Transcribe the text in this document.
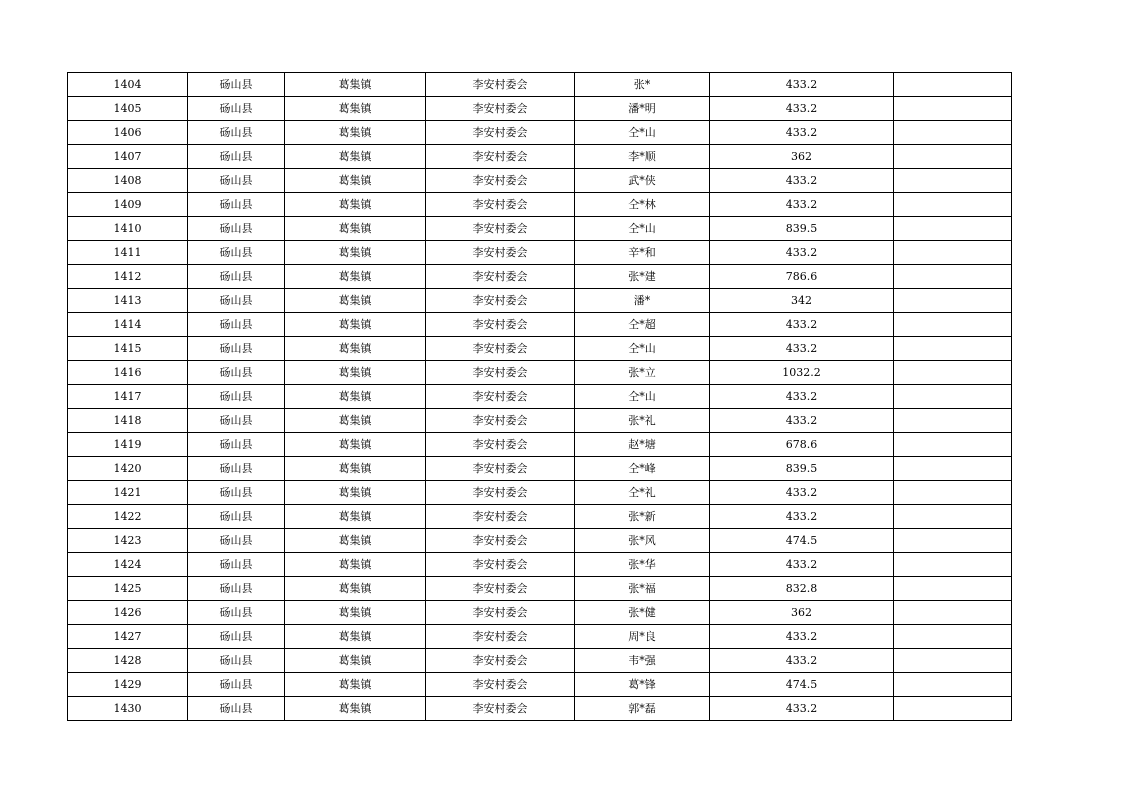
1404	砀山县	葛集镇	李安村委会	张*	433.2	
1405	砀山县	葛集镇	李安村委会	潘*明	433.2	
1406	砀山县	葛集镇	李安村委会	仝*山	433.2	
1407	砀山县	葛集镇	李安村委会	李*顺	362	
1408	砀山县	葛集镇	李安村委会	武*侠	433.2	
1409	砀山县	葛集镇	李安村委会	仝*林	433.2	
1410	砀山县	葛集镇	李安村委会	仝*山	839.5	
1411	砀山县	葛集镇	李安村委会	辛*和	433.2	
1412	砀山县	葛集镇	李安村委会	张*建	786.6	
1413	砀山县	葛集镇	李安村委会	潘*	342	
1414	砀山县	葛集镇	李安村委会	仝*超	433.2	
1415	砀山县	葛集镇	李安村委会	仝*山	433.2	
1416	砀山县	葛集镇	李安村委会	张*立	1032.2	
1417	砀山县	葛集镇	李安村委会	仝*山	433.2	
1418	砀山县	葛集镇	李安村委会	张*礼	433.2	
1419	砀山县	葛集镇	李安村委会	赵*塘	678.6	
1420	砀山县	葛集镇	李安村委会	仝*峰	839.5	
1421	砀山县	葛集镇	李安村委会	仝*礼	433.2	
1422	砀山县	葛集镇	李安村委会	张*新	433.2	
1423	砀山县	葛集镇	李安村委会	张*风	474.5	
1424	砀山县	葛集镇	李安村委会	张*华	433.2	
1425	砀山县	葛集镇	李安村委会	张*福	832.8	
1426	砀山县	葛集镇	李安村委会	张*健	362	
1427	砀山县	葛集镇	李安村委会	周*良	433.2	
1428	砀山县	葛集镇	李安村委会	韦*强	433.2	
1429	砀山县	葛集镇	李安村委会	葛*锋	474.5	
1430	砀山县	葛集镇	李安村委会	郭*磊	433.2	
